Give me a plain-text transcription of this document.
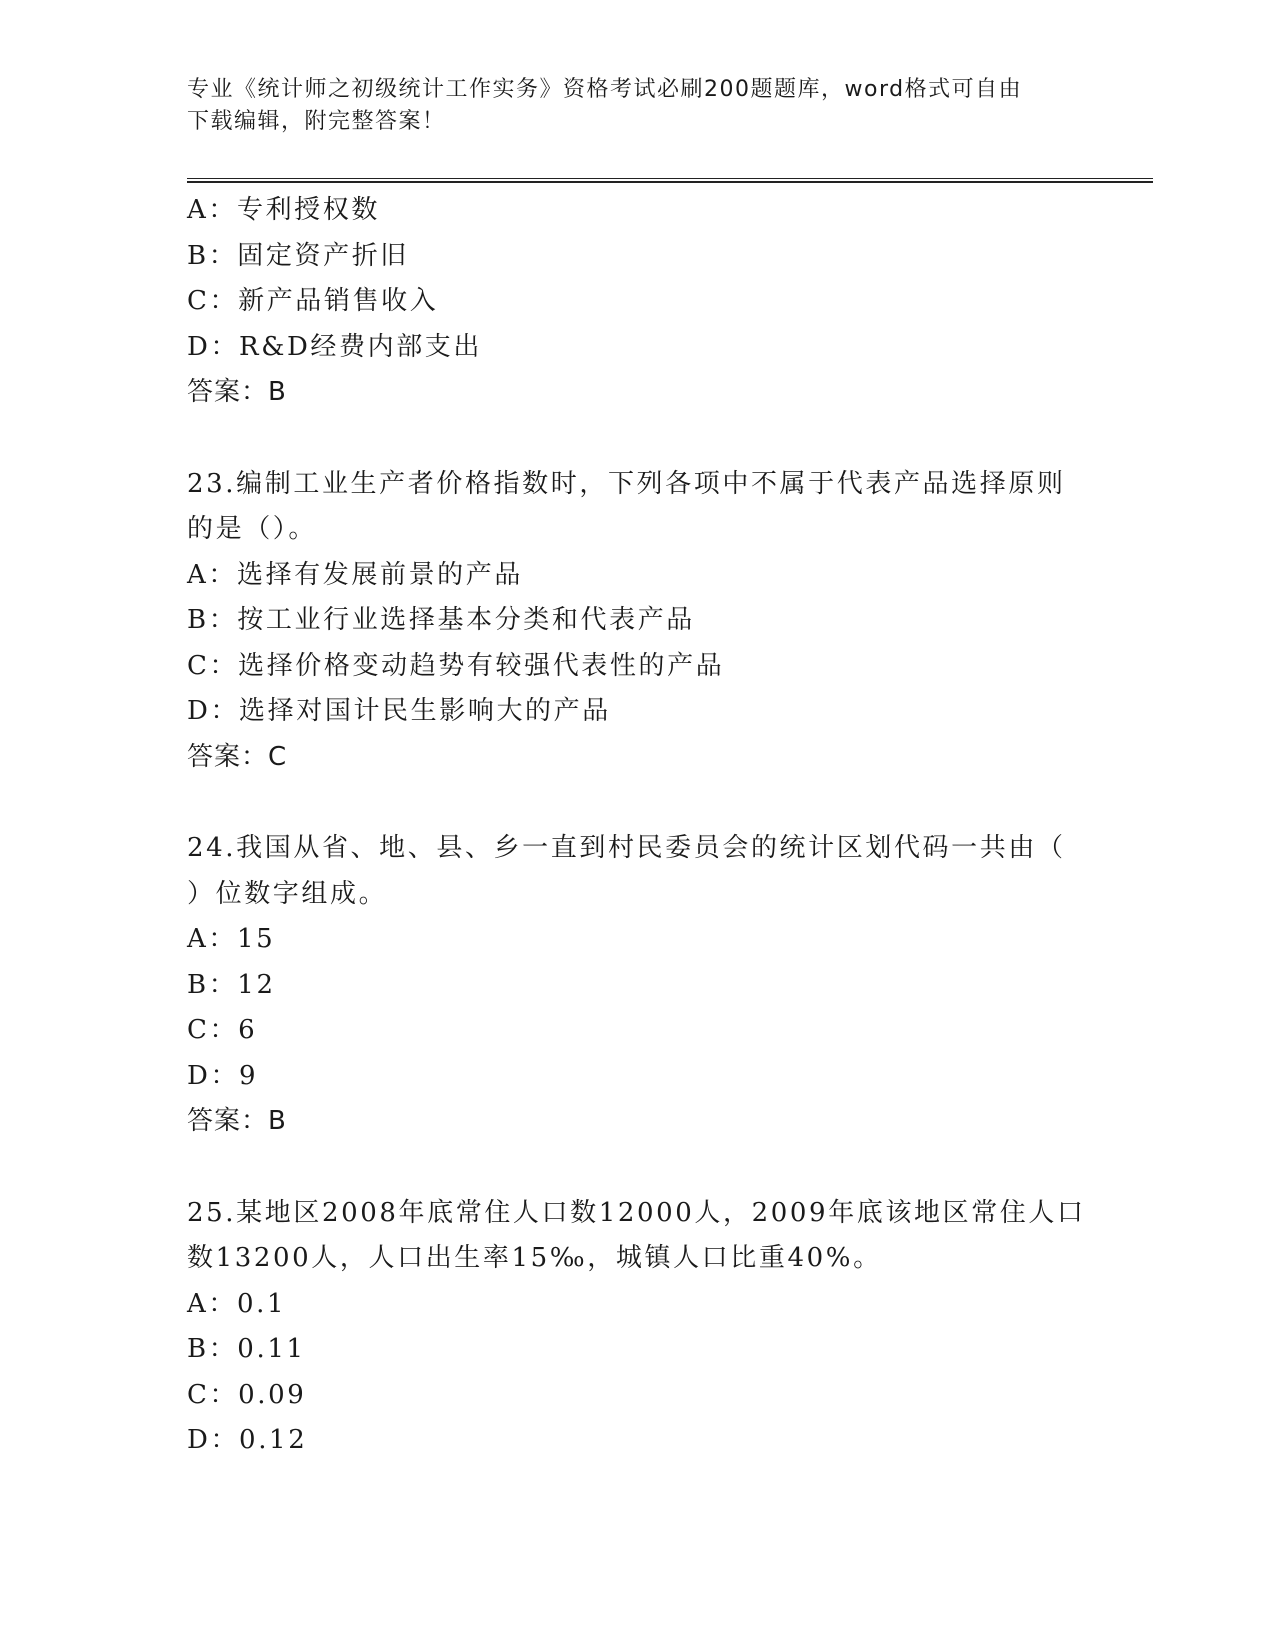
专业《统计师之初级统计工作实务》资格考试必刷200题题库，word格式可自由
下载编辑，附完整答案！
A：专利授权数
B：固定资产折旧
C：新产品销售收入
D：R&D经费内部支出
答案：B
23.编制工业生产者价格指数时，下列各项中不属于代表产品选择原则
的是（）。
A：选择有发展前景的产品
B：按工业行业选择基本分类和代表产品
C：选择价格变动趋势有较强代表性的产品
D：选择对国计民生影响大的产品
答案：C
24.我国从省、地、县、乡一直到村民委员会的统计区划代码一共由（
）位数字组成。
A：15
B：12
C：6
D：9
答案：B
25.某地区2008年底常住人口数12000人，2009年底该地区常住人口
数13200人，人口出生率15‰，城镇人口比重40%。
A：0.1
B：0.11
C：0.09
D：0.12
